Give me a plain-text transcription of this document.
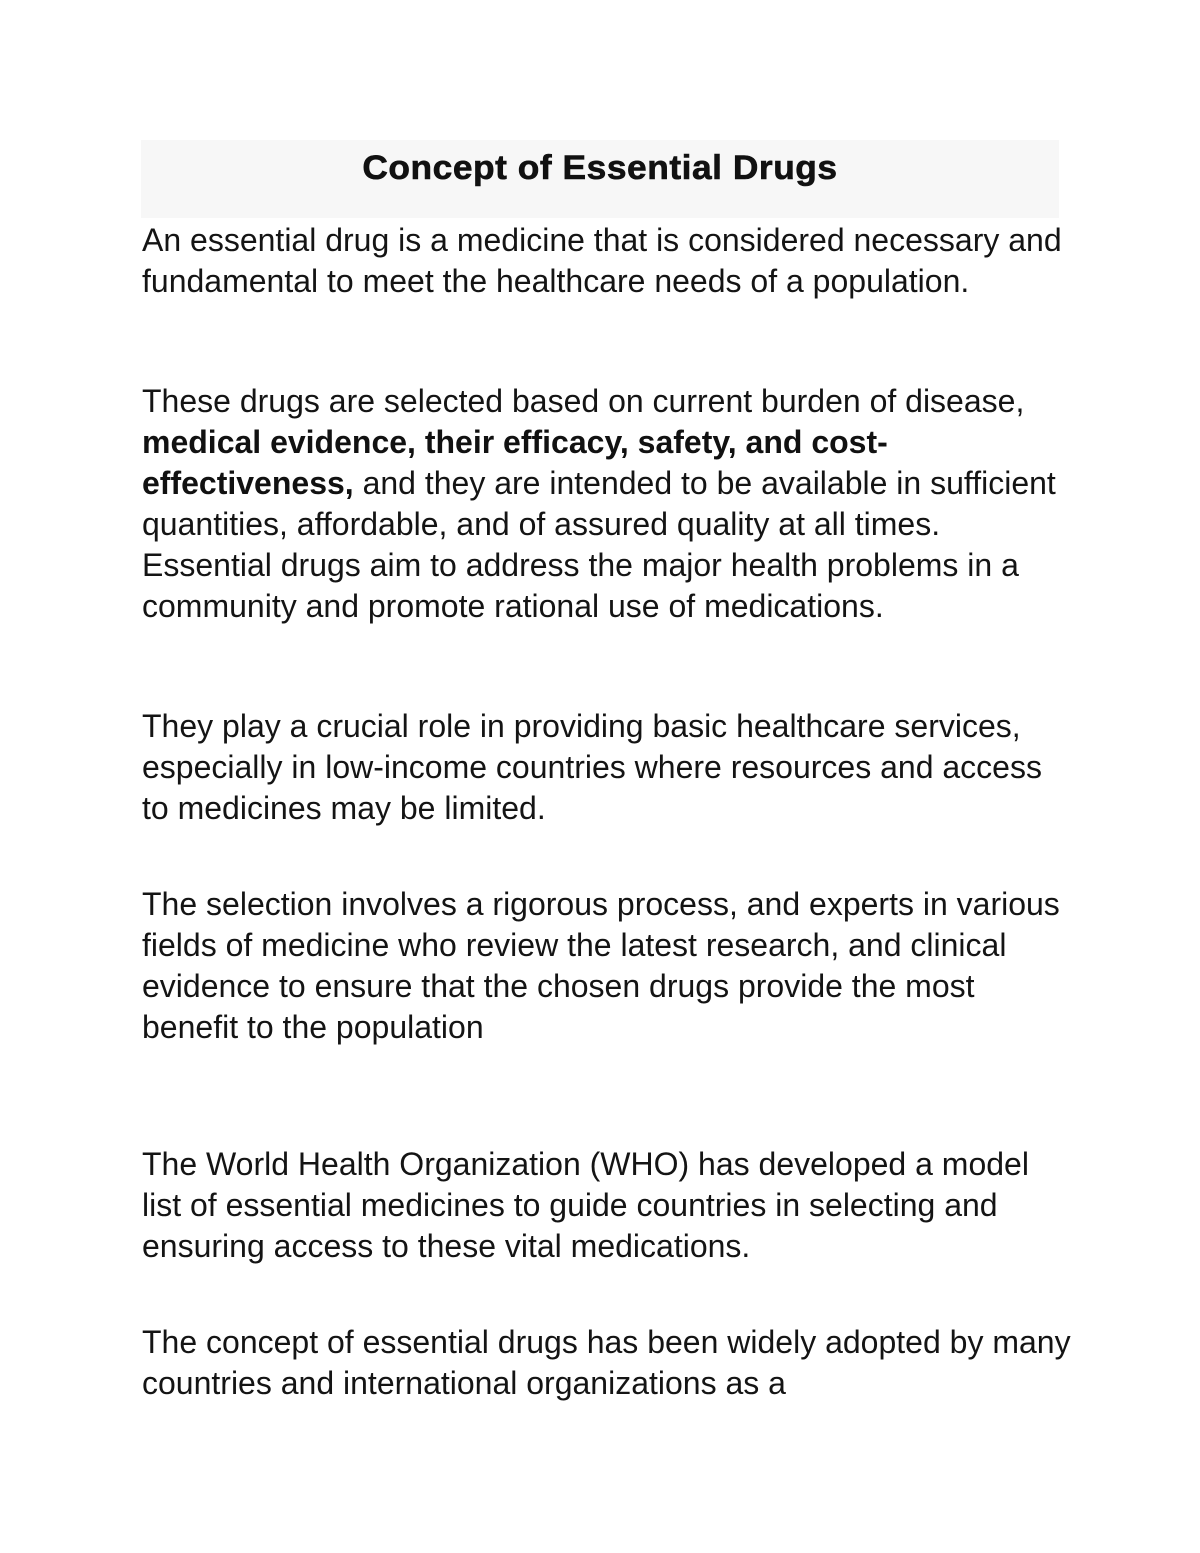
Concept of Essential Drugs

An essential drug is a medicine that is considered necessary and fundamental to meet the healthcare needs of a population.

These drugs are selected based on current burden of disease, medical evidence, their efficacy, safety, and cost-effectiveness, and they are intended to be available in sufficient quantities, affordable, and of assured quality at all times.
Essential drugs aim to address the major health problems in a community and promote rational use of medications.

They play a crucial role in providing basic healthcare services, especially in low-income countries where resources and access to medicines may be limited.

The selection involves a rigorous process, and experts in various fields of medicine who review the latest research, and clinical evidence to ensure that the chosen drugs provide the most benefit to the population

The World Health Organization (WHO) has developed a model list of essential medicines to guide countries in selecting and ensuring access to these vital medications.

The concept of essential drugs has been widely adopted by many countries and international organizations as a
